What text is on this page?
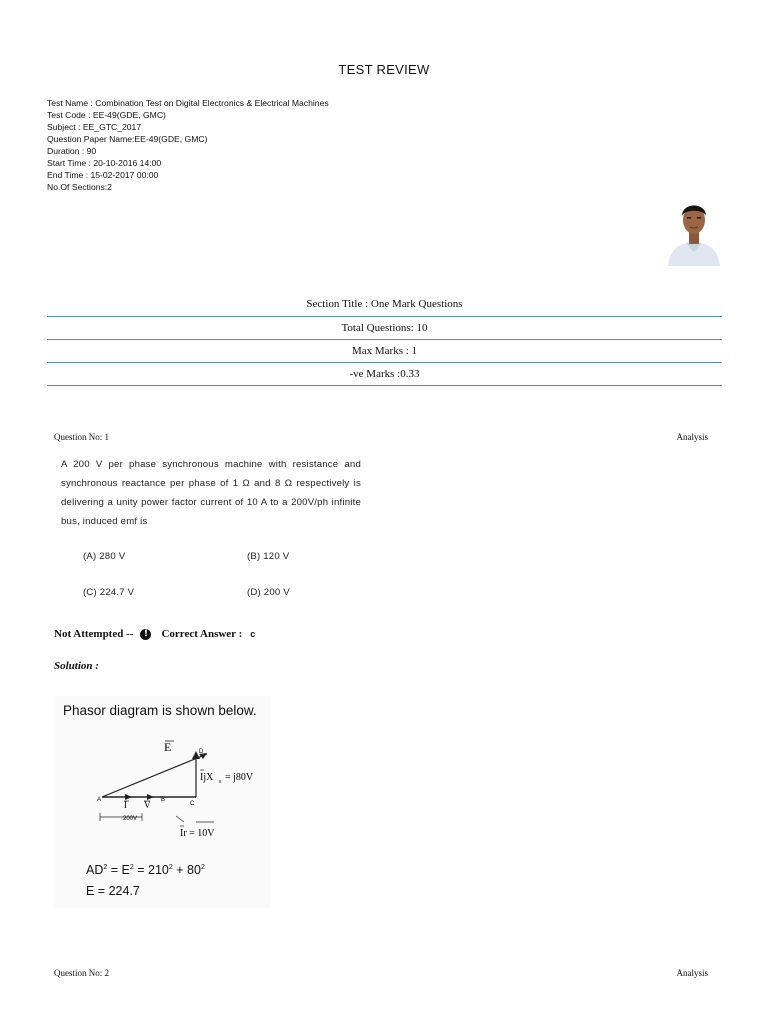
TEST REVIEW
Test Name : Combination Test on Digital Electronics & Electrical Machines
Test Code : EE-49(GDE, GMC)
Subject : EE_GTC_2017
Question Paper Name:EE-49(GDE, GMC)
Duration : 90
Start Time : 20-10-2016 14:00
End Time : 15-02-2017 00:00
No.Of Sections:2
Section Title : One Mark Questions
Total Questions: 10
Max Marks : 1
-ve Marks :0.33
Question No: 1	Analysis
A 200 V per phase synchronous machine with resistance and synchronous reactance per phase of 1 Ω and 8 Ω respectively is delivering a unity power factor current of 10 A to a 200V/ph infinite bus, induced emf is
(A) 280 V	(B) 120 V
(C) 224.7 V	(D) 200 V
Not Attempted --	!	Correct Answer : c
Solution :
Phasor diagram is shown below.
E	D
IjX s = j80V
A	B
C
I V
200V
Ir = 10V
$AD^2 = E^2 = 210^2 + 80^2$
E = 224.7
Question No: 2	Analysis
